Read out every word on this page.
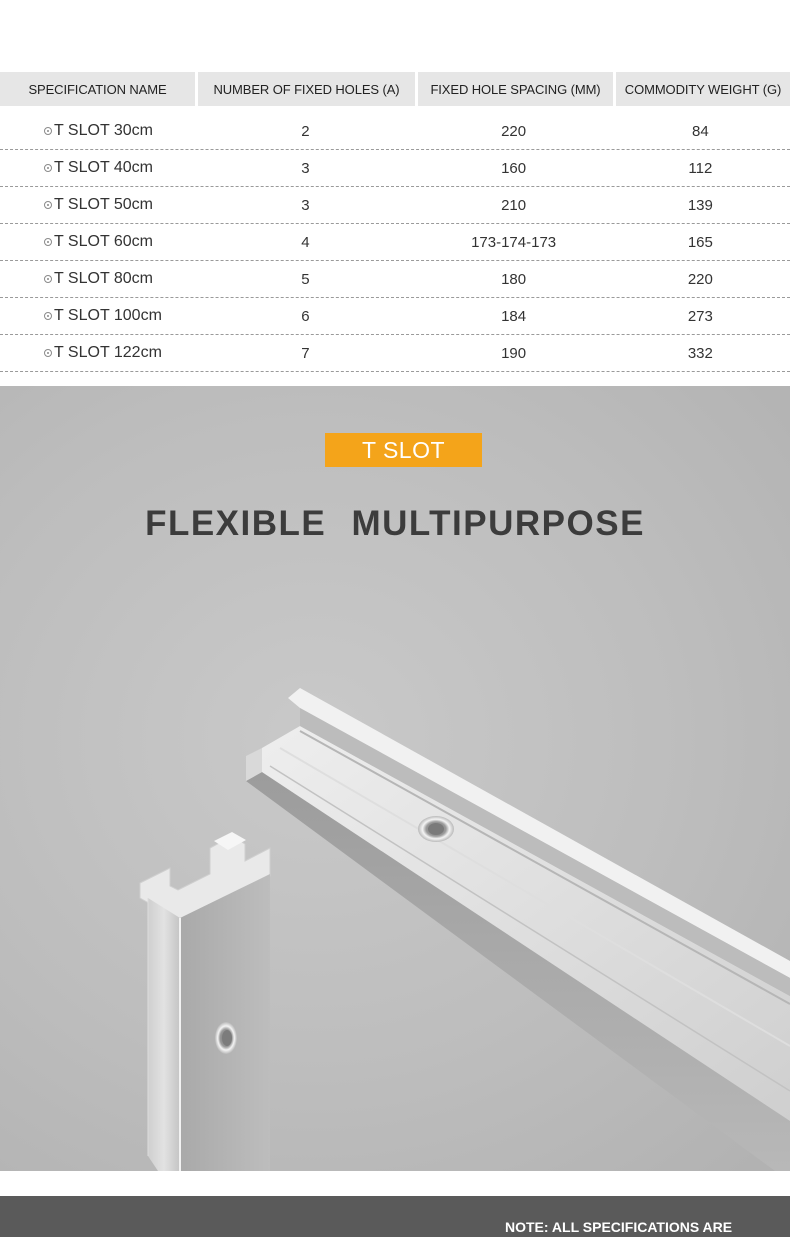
SPECIFICATION NAME	NUMBER OF FIXED HOLES (A)	FIXED HOLE SPACING (MM)	COMMODITY WEIGHT (G)
T SLOT 30cm	2	220	84
T SLOT 40cm	3	160	112
T SLOT 50cm	3	210	139
T SLOT 60cm	4	173-174-173	165
T SLOT 80cm	5	180	220
T SLOT 100cm	6	184	273
T SLOT 122cm	7	190	332
T SLOT
FLEXIBLE MULTIPURPOSE
NOTE: ALL SPECIFICATIONS ARE
